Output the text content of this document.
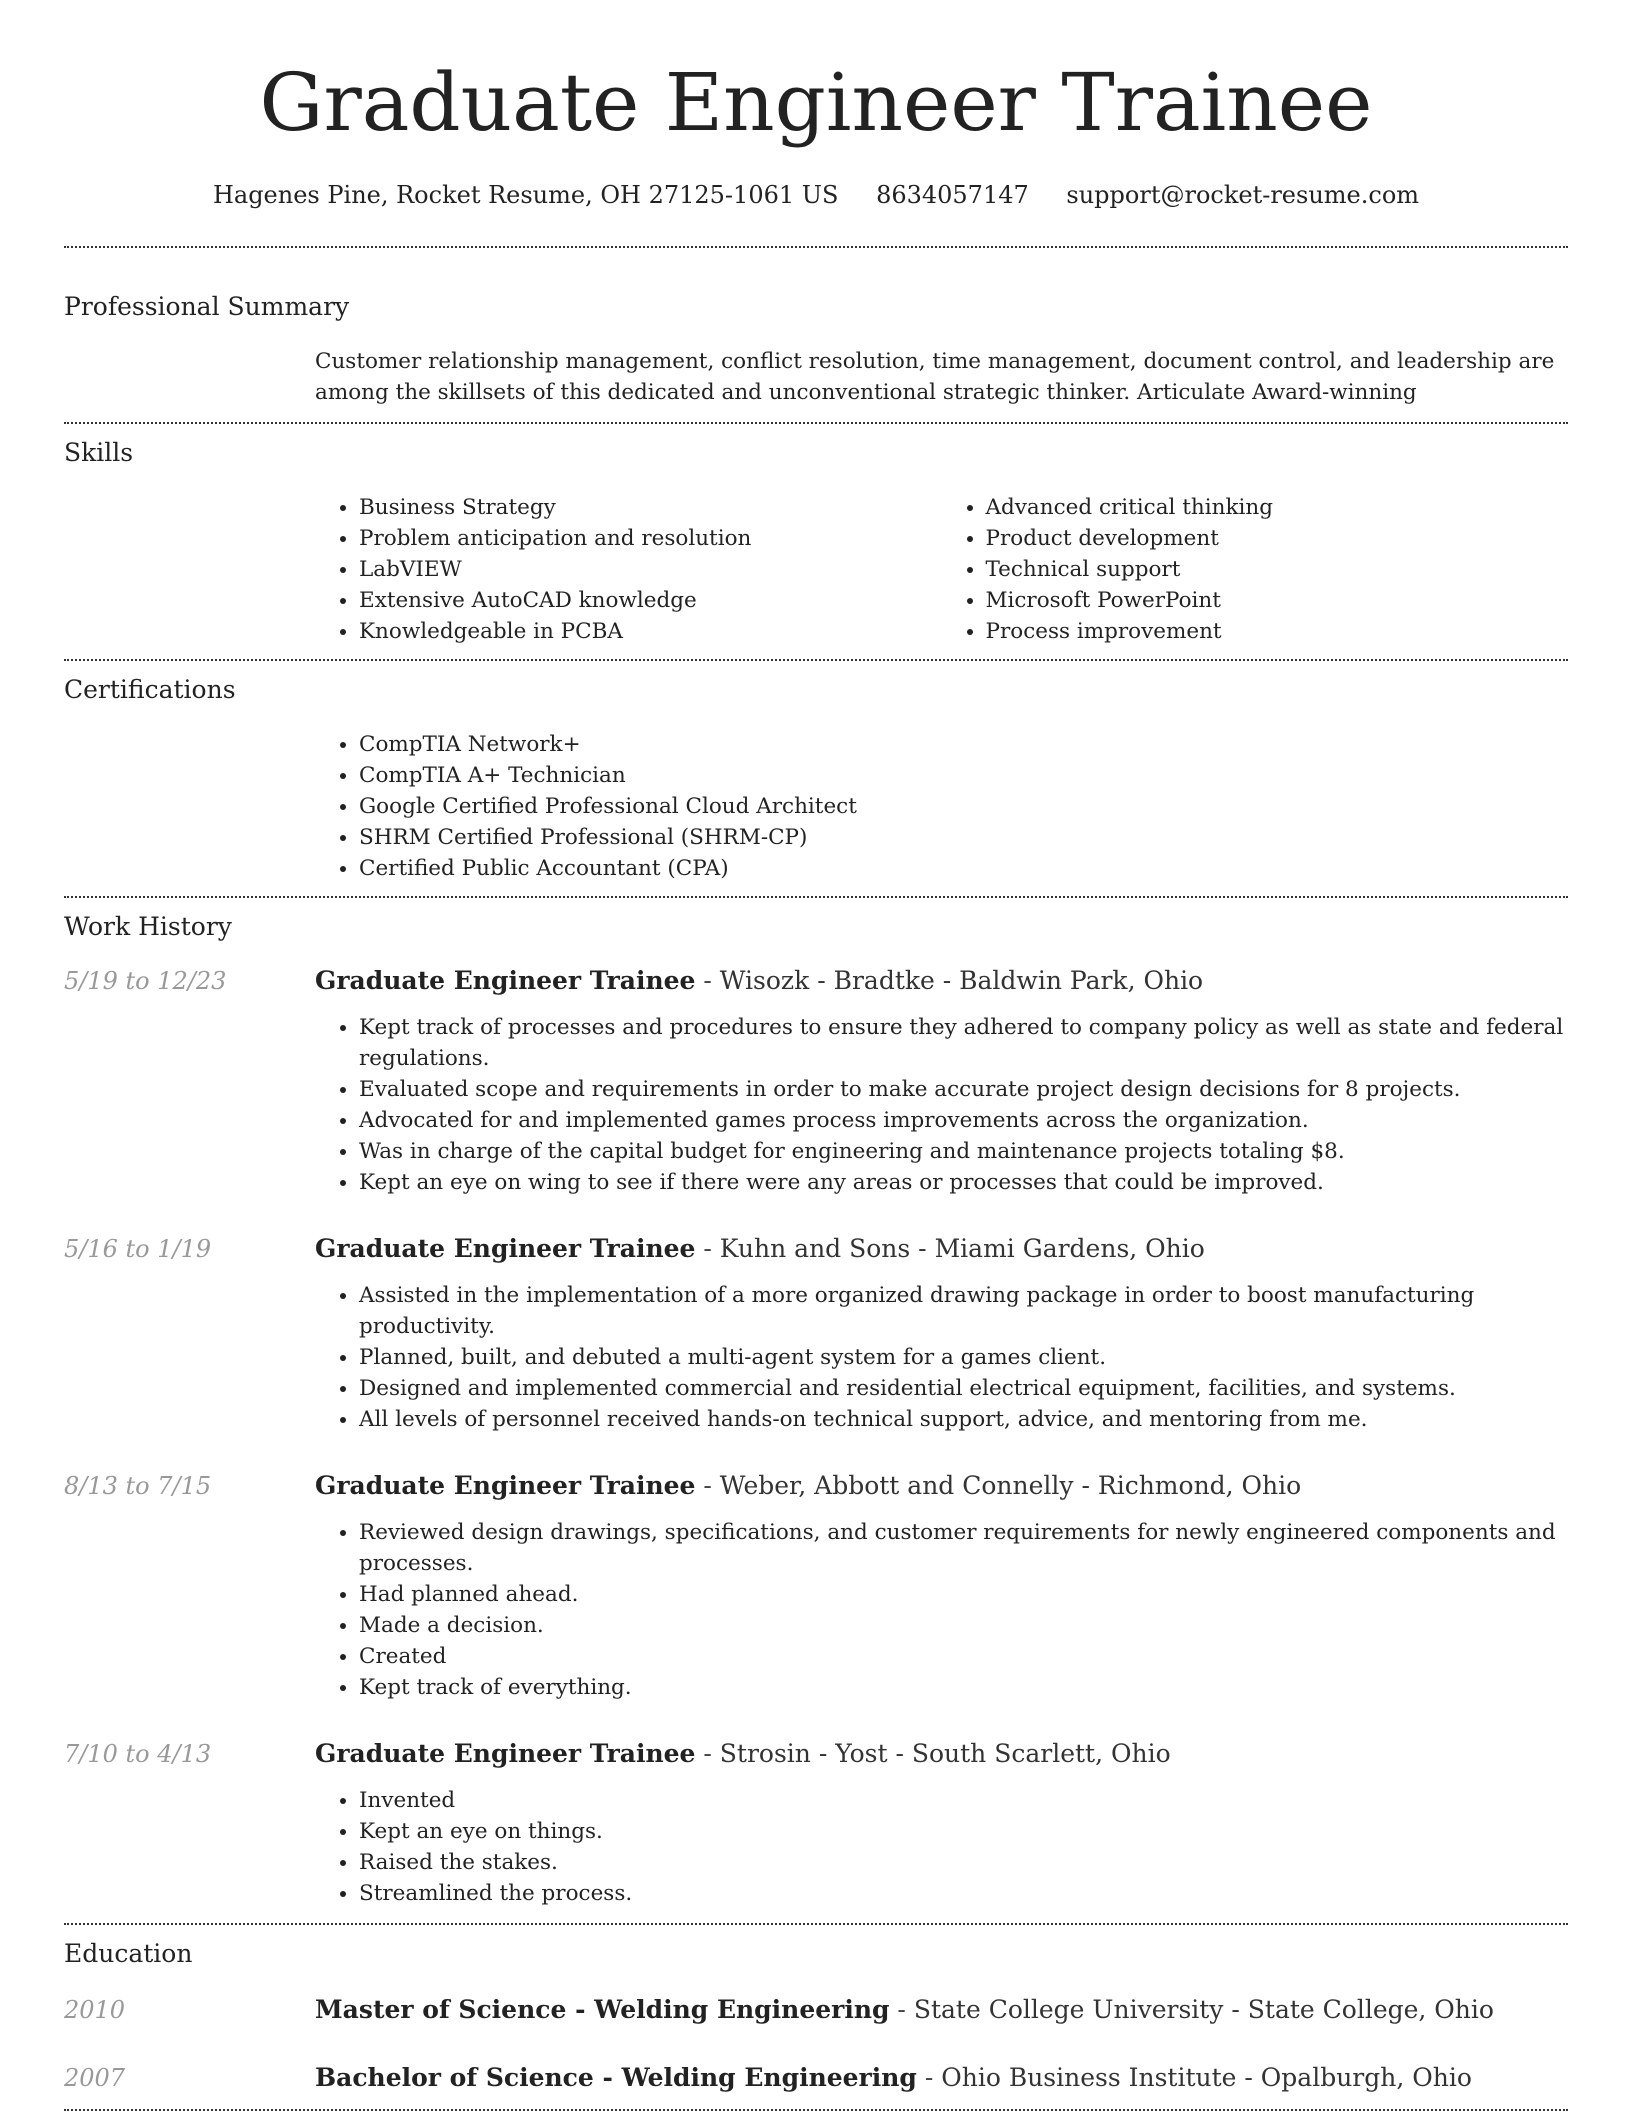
Graduate Engineer Trainee
Hagenes Pine, Rocket Resume, OH 27125-1061 US 8634057147 support@rocket-resume.com
Professional Summary

Customer relationship management, conflict resolution, time management, document control, and leadership are among the skillsets of this dedicated and unconventional strategic thinker. Articulate Award-winning

Skills
• Business Strategy
• Problem anticipation and resolution
• LabVIEW
• Extensive AutoCAD knowledge
• Knowledgeable in PCBA
• Advanced critical thinking
• Product development
• Technical support
• Microsoft PowerPoint
• Process improvement
Certifications
• CompTIA Network+
• CompTIA A+ Technician
• Google Certified Professional Cloud Architect
• SHRM Certified Professional (SHRM-CP)
• Certified Public Accountant (CPA)
Work History
5/19 to 12/23	Graduate Engineer Trainee - Wisozk - Bradtke - Baldwin Park, Ohio
• Kept track of processes and procedures to ensure they adhered to company policy as well as state and federal regulations.
• Evaluated scope and requirements in order to make accurate project design decisions for 8 projects.
• Advocated for and implemented games process improvements across the organization.
• Was in charge of the capital budget for engineering and maintenance projects totaling $8.
• Kept an eye on wing to see if there were any areas or processes that could be improved.
5/16 to 1/19	Graduate Engineer Trainee - Kuhn and Sons - Miami Gardens, Ohio
• Assisted in the implementation of a more organized drawing package in order to boost manufacturing productivity.
• Planned, built, and debuted a multi-agent system for a games client.
• Designed and implemented commercial and residential electrical equipment, facilities, and systems.
• All levels of personnel received hands-on technical support, advice, and mentoring from me.
8/13 to 7/15	Graduate Engineer Trainee - Weber, Abbott and Connelly - Richmond, Ohio
• Reviewed design drawings, specifications, and customer requirements for newly engineered components and processes.
• Had planned ahead.
• Made a decision.
• Created
• Kept track of everything.
7/10 to 4/13	Graduate Engineer Trainee - Strosin - Yost - South Scarlett, Ohio
• Invented
• Kept an eye on things.
• Raised the stakes.
• Streamlined the process.
Education
2010	Master of Science - Welding Engineering - State College University - State College, Ohio
2007	Bachelor of Science - Welding Engineering - Ohio Business Institute - Opalburgh, Ohio
